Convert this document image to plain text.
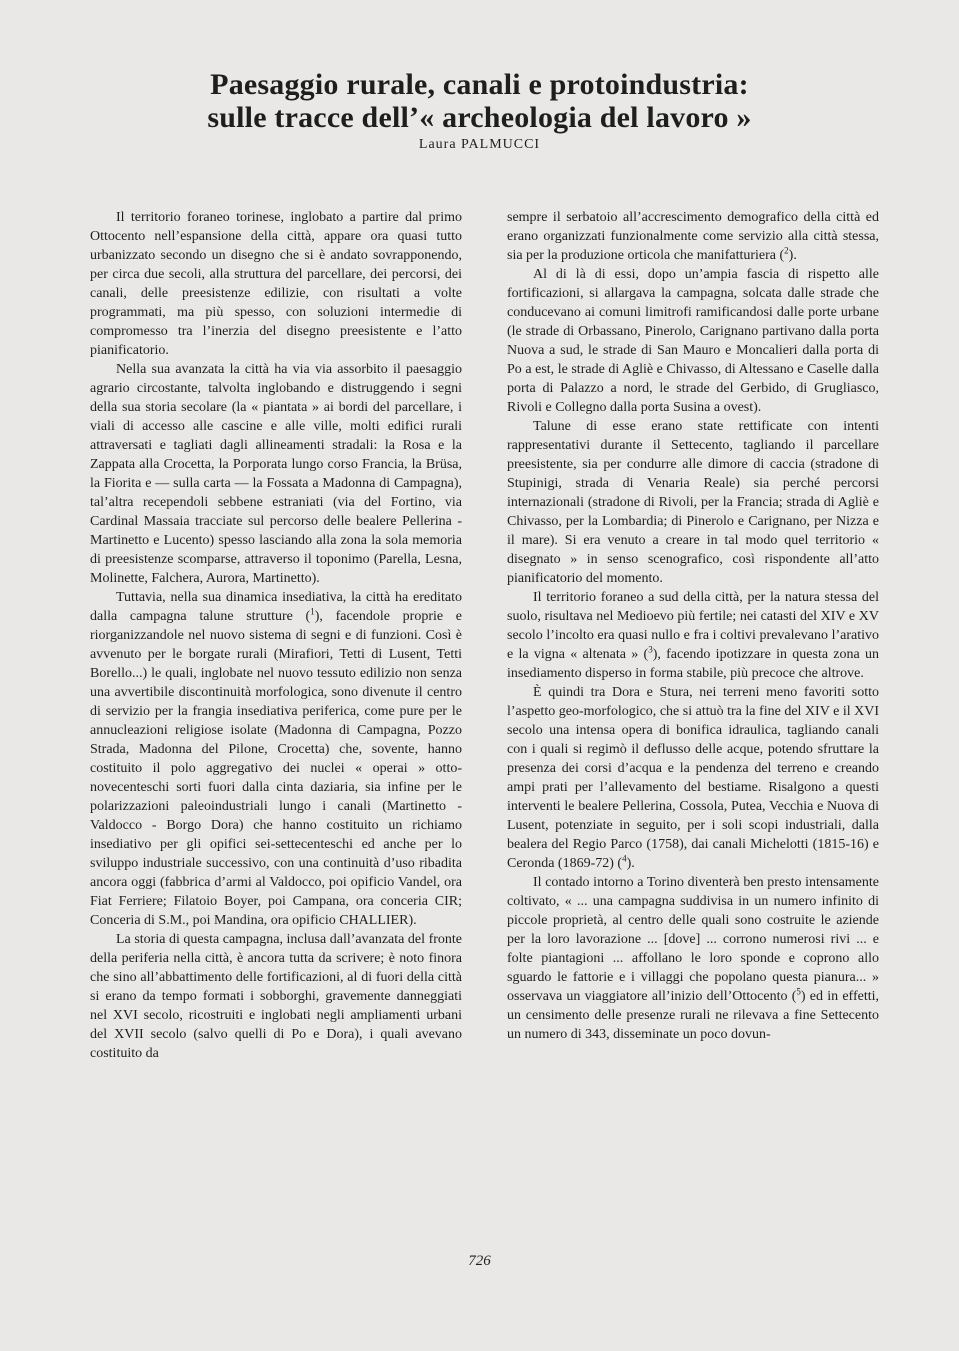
Paesaggio rurale, canali e protoindustria:
sulle tracce dell’« archeologia del lavoro »
Laura PALMUCCI

Il territorio foraneo torinese, inglobato a partire dal primo Ottocento nell’espansione della città, appare ora quasi tutto urbanizzato secondo un disegno che si è andato sovrapponendo, per circa due secoli, alla struttura del parcellare, dei percorsi, dei canali, delle preesistenze edilizie, con risultati a volte programmati, ma più spesso, con soluzioni intermedie di compromesso tra l’inerzia del disegno preesistente e l’atto pianificatorio.

Nella sua avanzata la città ha via via assorbito il paesaggio agrario circostante, talvolta inglobando e distruggendo i segni della sua storia secolare (la « piantata » ai bordi del parcellare, i viali di accesso alle cascine e alle ville, molti edifici rurali attraversati e tagliati dagli allineamenti stradali: la Rosa e la Zappata alla Crocetta, la Porporata lungo corso Francia, la Brüsa, la Fiorita e — sulla carta — la Fossata a Madonna di Campagna), tal’altra recependoli sebbene estraniati (via del Fortino, via Cardinal Massaia tracciate sul percorso delle bealere Pellerina - Martinetto e Lucento) spesso lasciando alla zona la sola memoria di preesistenze scomparse, attraverso il toponimo (Parella, Lesna, Molinette, Falchera, Aurora, Martinetto).

Tuttavia, nella sua dinamica insediativa, la città ha ereditato dalla campagna talune strutture ($^1$), facendole proprie e riorganizzandole nel nuovo sistema di segni e di funzioni. Così è avvenuto per le borgate rurali (Mirafiori, Tetti di Lusent, Tetti Borello...) le quali, inglobate nel nuovo tessuto edilizio non senza una avvertibile discontinuità morfologica, sono divenute il centro di servizio per la frangia insediativa periferica, come pure per le annucleazioni religiose isolate (Madonna di Campagna, Pozzo Strada, Madonna del Pilone, Crocetta) che, sovente, hanno costituito il polo aggregativo dei nuclei « operai » otto-novecenteschi sorti fuori dalla cinta daziaria, sia infine per le polarizzazioni paleoindustriali lungo i canali (Martinetto - Valdocco - Borgo Dora) che hanno costituito un richiamo insediativo per gli opifici sei-settecenteschi ed anche per lo sviluppo industriale successivo, con una continuità d’uso ribadita ancora oggi (fabbrica d’armi al Valdocco, poi opificio Vandel, ora Fiat Ferriere; Filatoio Boyer, poi Campana, ora conceria CIR; Conceria di S.M., poi Mandina, ora opificio CHALLIER).

La storia di questa campagna, inclusa dall’avanzata del fronte della periferia nella città, è ancora tutta da scrivere; è noto finora che sino all’abbattimento delle fortificazioni, al di fuori della città si erano da tempo formati i sobborghi, gravemente danneggiati nel XVI secolo, ricostruiti e inglobati negli ampliamenti urbani del XVII secolo (salvo quelli di Po e Dora), i quali avevano costituito da

sempre il serbatoio all’accrescimento demografico della città ed erano organizzati funzionalmente come servizio alla città stessa, sia per la produzione orticola che manifatturiera ($^2$).

Al di là di essi, dopo un’ampia fascia di rispetto alle fortificazioni, si allargava la campagna, solcata dalle strade che conducevano ai comuni limitrofi ramificandosi dalle porte urbane (le strade di Orbassano, Pinerolo, Carignano partivano dalla porta Nuova a sud, le strade di San Mauro e Moncalieri dalla porta di Po a est, le strade di Agliè e Chivasso, di Altessano e Caselle dalla porta di Palazzo a nord, le strade del Gerbido, di Grugliasco, Rivoli e Collegno dalla porta Susina a ovest).

Talune di esse erano state rettificate con intenti rappresentativi durante il Settecento, tagliando il parcellare preesistente, sia per condurre alle dimore di caccia (stradone di Stupinigi, strada di Venaria Reale) sia perché percorsi internazionali (stradone di Rivoli, per la Francia; strada di Agliè e Chivasso, per la Lombardia; di Pinerolo e Carignano, per Nizza e il mare). Si era venuto a creare in tal modo quel territorio « disegnato » in senso scenografico, così rispondente all’atto pianificatorio del momento.

Il territorio foraneo a sud della città, per la natura stessa del suolo, risultava nel Medioevo più fertile; nei catasti del XIV e XV secolo l’incolto era quasi nullo e fra i coltivi prevalevano l’arativo e la vigna « altenata » ($^3$), facendo ipotizzare in questa zona un insediamento disperso in forma stabile, più precoce che altrove.

È quindi tra Dora e Stura, nei terreni meno favoriti sotto l’aspetto geo-morfologico, che si attuò tra la fine del XIV e il XVI secolo una intensa opera di bonifica idraulica, tagliando canali con i quali si regimò il deflusso delle acque, potendo sfruttare la presenza dei corsi d’acqua e la pendenza del terreno e creando ampi prati per l’allevamento del bestiame. Risalgono a questi interventi le bealere Pellerina, Cossola, Putea, Vecchia e Nuova di Lusent, potenziate in seguito, per i soli scopi industriali, dalla bealera del Regio Parco (1758), dai canali Michelotti (1815-16) e Ceronda (1869-72) ($^4$).

Il contado intorno a Torino diventerà ben presto intensamente coltivato, « ... una campagna suddivisa in un numero infinito di piccole proprietà, al centro delle quali sono costruite le aziende per la loro lavorazione ... [dove] ... corrono numerosi rivi ... e folte piantagioni ... affollano le loro sponde e coprono allo sguardo le fattorie e i villaggi che popolano questa pianura... » osservava un viaggiatore all’inizio dell’Ottocento ($^5$) ed in effetti, un censimento delle presenze rurali ne rilevava a fine Settecento un numero di 343, disseminate un poco dovun-

726
